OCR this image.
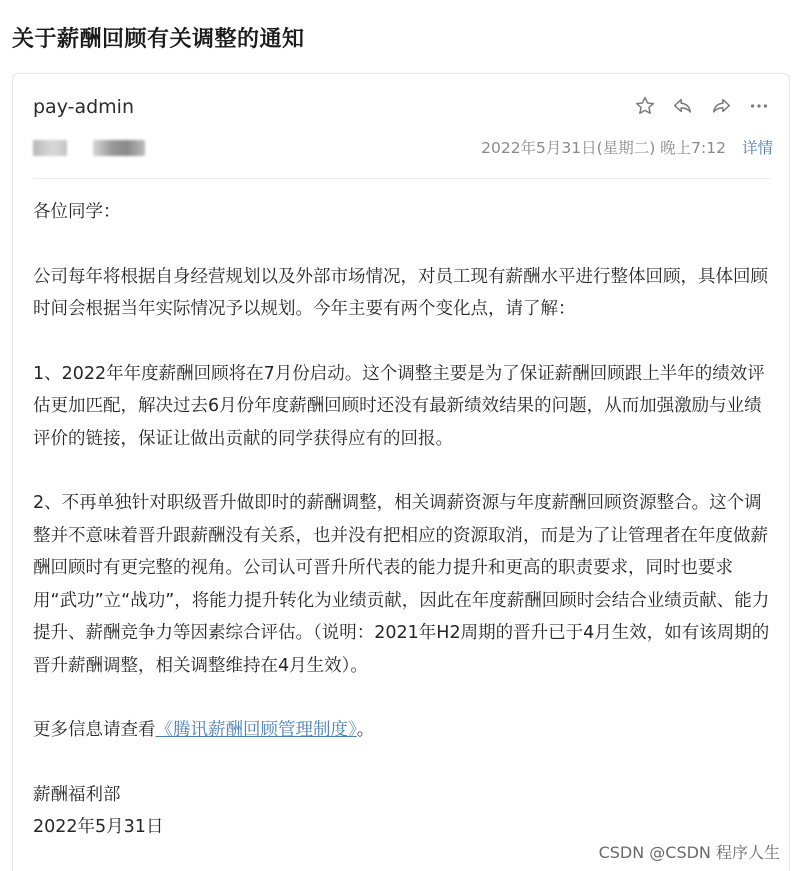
关于薪酬回顾有关调整的通知
pay-admin
2022年5月31日(星期二) 晚上7:12 详情

各位同学：

公司每年将根据自身经营规划以及外部市场情况，对员工现有薪酬水平进行整体回顾，具体回顾时间会根据当年实际情况予以规划。今年主要有两个变化点，请了解：

1、2022年年度薪酬回顾将在7月份启动。这个调整主要是为了保证薪酬回顾跟上半年的绩效评估更加匹配，解决过去6月份年度薪酬回顾时还没有最新绩效结果的问题，从而加强激励与业绩评价的链接，保证让做出贡献的同学获得应有的回报。

2、不再单独针对职级晋升做即时的薪酬调整，相关调薪资源与年度薪酬回顾资源整合。这个调整并不意味着晋升跟薪酬没有关系，也并没有把相应的资源取消，而是为了让管理者在年度做薪酬回顾时有更完整的视角。公司认可晋升所代表的能力提升和更高的职责要求，同时也要求用“武功”立“战功”，将能力提升转化为业绩贡献，因此在年度薪酬回顾时会结合业绩贡献、能力提升、薪酬竞争力等因素综合评估。（说明：2021年H2周期的晋升已于4月生效，如有该周期的晋升薪酬调整，相关调整维持在4月生效）。

更多信息请查看《腾讯薪酬回顾管理制度》。

薪酬福利部

2022年5月31日

CSDN @CSDN 程序人生
